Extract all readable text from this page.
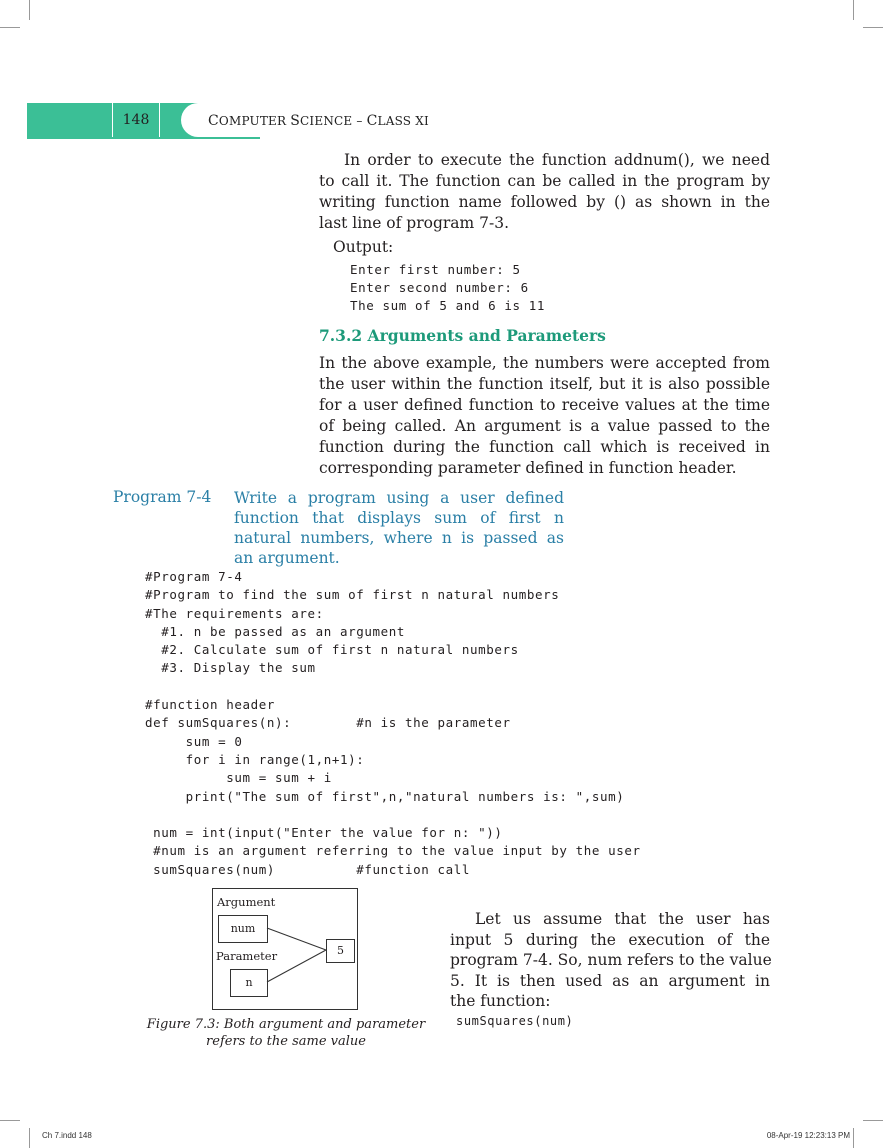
148	COMPUTER SCIENCE – CLASS XI
In order to execute the function addnum(), we need
to call it. The function can be called in the program by
writing function name followed by () as shown in the
last line of program 7-3.
Output:
Enter first number: 5
Enter second number: 6
The sum of 5 and 6 is 11
7.3.2 Arguments and Parameters
In the above example, the numbers were accepted from
the user within the function itself, but it is also possible
for a user defined function to receive values at the time
of being called. An argument is a value passed to the
function during the function call which is received in
corresponding parameter defined in function header.
Program 7-4 Write a program using a user defined
function that displays sum of first n
natural numbers, where n is passed as
an argument.
#Program 7-4
#Program to find the sum of first n natural numbers
#The requirements are:
#1. n be passed as an argument
#2. Calculate sum of first n natural numbers
#3. Display the sum
#function header
def sumSquares(n):        #n is the parameter
sum = 0
for i in range(1,n+1):
sum = sum + i
print("The sum of first",n,"natural numbers is: ",sum)
num = int(input("Enter the value for n: "))
#num is an argument referring to the value input by the user
sumSquares(num)          #function call
Argument
num
Parameter
n
5
Figure 7.3: Both argument and parameter
refers to the same value
Let us assume that the user has
input 5 during the execution of the
program 7-4. So, num refers to the value
5. It is then used as an argument in
the function:
sumSquares(num)
Ch 7.indd 148	08-Apr-19 12:23:13 PM
